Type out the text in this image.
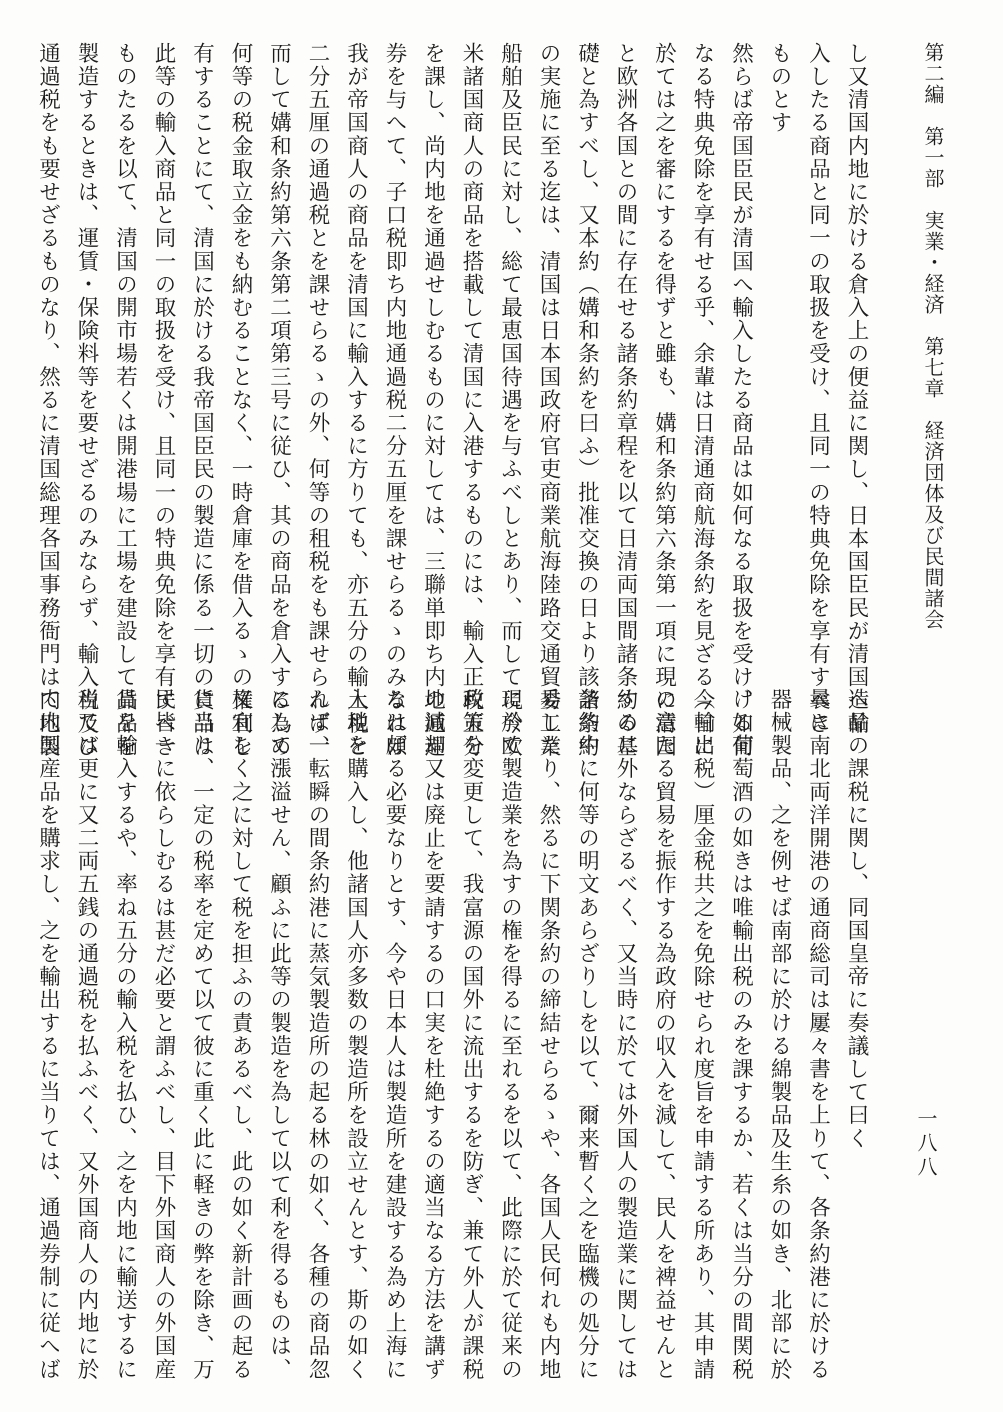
第二編　第一部　実業・経済　第七章　経済団体及び民間諸会
一八八
し又清国内地に於ける倉入上の便益に関し、日本国臣民が清国へ輸
入したる商品と同一の取扱を受け、且同一の特典免除を享有すべき
ものとす
然らば帝国臣民が清国へ輸入したる商品は如何なる取扱を受け、如何
なる特典免除を享有せる乎、余輩は日清通商航海条約を見ざる今日に
於ては之を審にするを得ずと雖も、媾和条約第六条第一項に現に清国
と欧洲各国との間に存在せる諸条約章程を以て日清両国間諸条約の基
礎と為すべし、又本約（媾和条約を曰ふ）批准交換の日より該諸条約
の実施に至る迄は、清国は日本国政府官吏商業航海陸路交通貿易工業
船舶及臣民に対し、総て最恵国待遇を与ふべしとあり、而して現今欧
米諸国商人の商品を搭載して清国に入港するものには、輸入正税五分
を課し、尚内地を通過せしむるものに対しては、三聯単即ち内地通過
券を与へて、子口税即ち内地通過税二分五厘を課せらるゝのみなれば
我が帝国商人の商品を清国に輸入するに方りても、亦五分の輸入税と
二分五厘の通過税とを課せらるゝの外、何等の租税をも課せられず、
而して媾和条約第六条第二項第三号に従ひ、其の商品を倉入する為め
何等の税金取立金をも納むることなく、一時倉庫を借入るゝの権利を
有することにて、清国に於ける我帝国臣民の製造に係る一切の貨品は
此等の輸入商品と同一の取扱を受け、且同一の特典免除を享有すべき
ものたるを以て、清国の開市場若くは開港場に工場を建設して貨品を
製造するときは、運賃・保険料等を要せざるのみならず、輸入税及び
通過税をも要せざるものなり、然るに清国総理各国事務衙門は内地製
造品の課税に関し、同国皇帝に奏議して曰く
曩に南北両洋開港の通商総司は屢々書を上りて、各条約港に於ける
器械製品、之を例せば南部に於ける綿製品及生糸の如き、北部に於
ける葡萄酒の如きは唯輸出税のみを課するか、若くは当分の間関税
（輸出税）厘金税共之を免除せられ度旨を申請する所あり、其申請
の意たる貿易を振作する為政府の収入を減して、民人を裨益せんと
するに外ならざるべく、又当時に於ては外国人の製造業に関しては
条約中に何等の明文あらざりしを以て、爾来暫く之を臨機の処分に
委したり、然るに下関条約の締結せらるゝや、各国人民何れも内地
に於て製造業を為すの権を得るに至れるを以て、此際に於て従来の
政策を変更して、我富源の国外に流出するを防ぎ、兼て外人が課税
の減却又は廃止を要請するの口実を杜絶するの適当なる方法を講ず
るは頗る必要なりとす、今や日本人は製造所を建設する為め上海に
土地を購入し、他諸国人亦多数の製造所を設立せんとす、斯の如く
んば一転瞬の間条約港に蒸気製造所の起る林の如く、各種の商品忽
にして漲溢せん、顧ふに此等の製造を為して以て利を得るものは、
又宜しく之に対して税を担ふの責あるべし、此の如く新計画の起る
に当り、一定の税率を定めて以て彼に重く此に軽きの弊を除き、万
民皆一に依らしむるは甚だ必要と謂ふべし、目下外国商人の外国産
品を輸入するや、率ね五分の輸入税を払ひ、之を内地に輸送するに
当ては更に又二両五銭の通過税を払ふべく、又外国商人の内地に於
て内国産品を購求し、之を輸出するに当りては、通過券制に従へば
